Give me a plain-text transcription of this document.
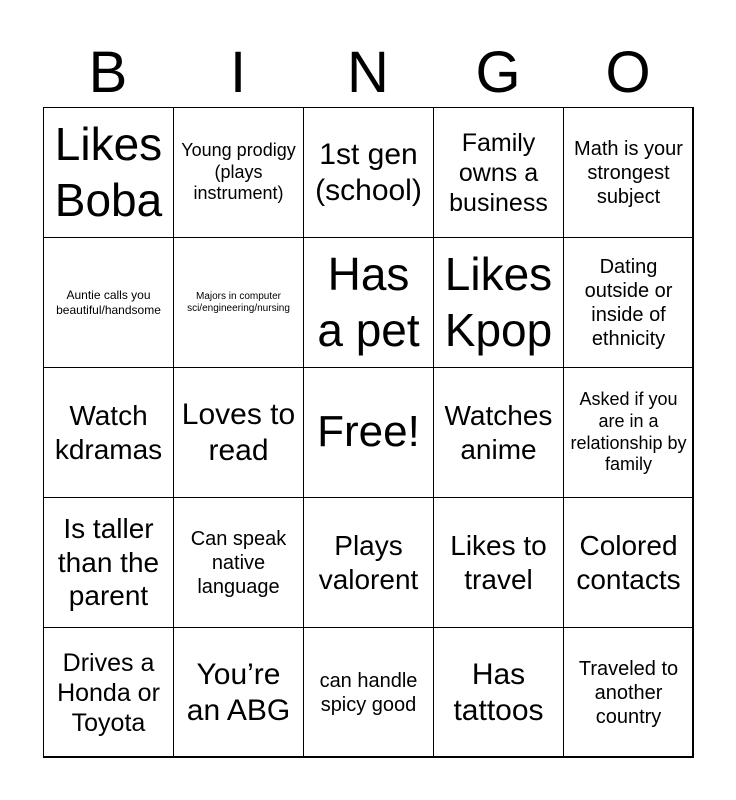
B	I	N	G	O
Likes Boba	Young prodigy (plays instrument)	1st gen (school)	Family owns a business	Math is your strongest subject
Auntie calls you beautiful/handsome	Majors in computer sci/engineering/nursing	Has a pet	Likes Kpop	Dating outside or inside of ethnicity
Watch kdramas	Loves to read	Free!	Watches anime	Asked if you are in a relationship by family
Is taller than the parent	Can speak native language	Plays valorent	Likes to travel	Colored contacts
Drives a Honda or Toyota	You’re an ABG	can handle spicy good	Has tattoos	Traveled to another country
